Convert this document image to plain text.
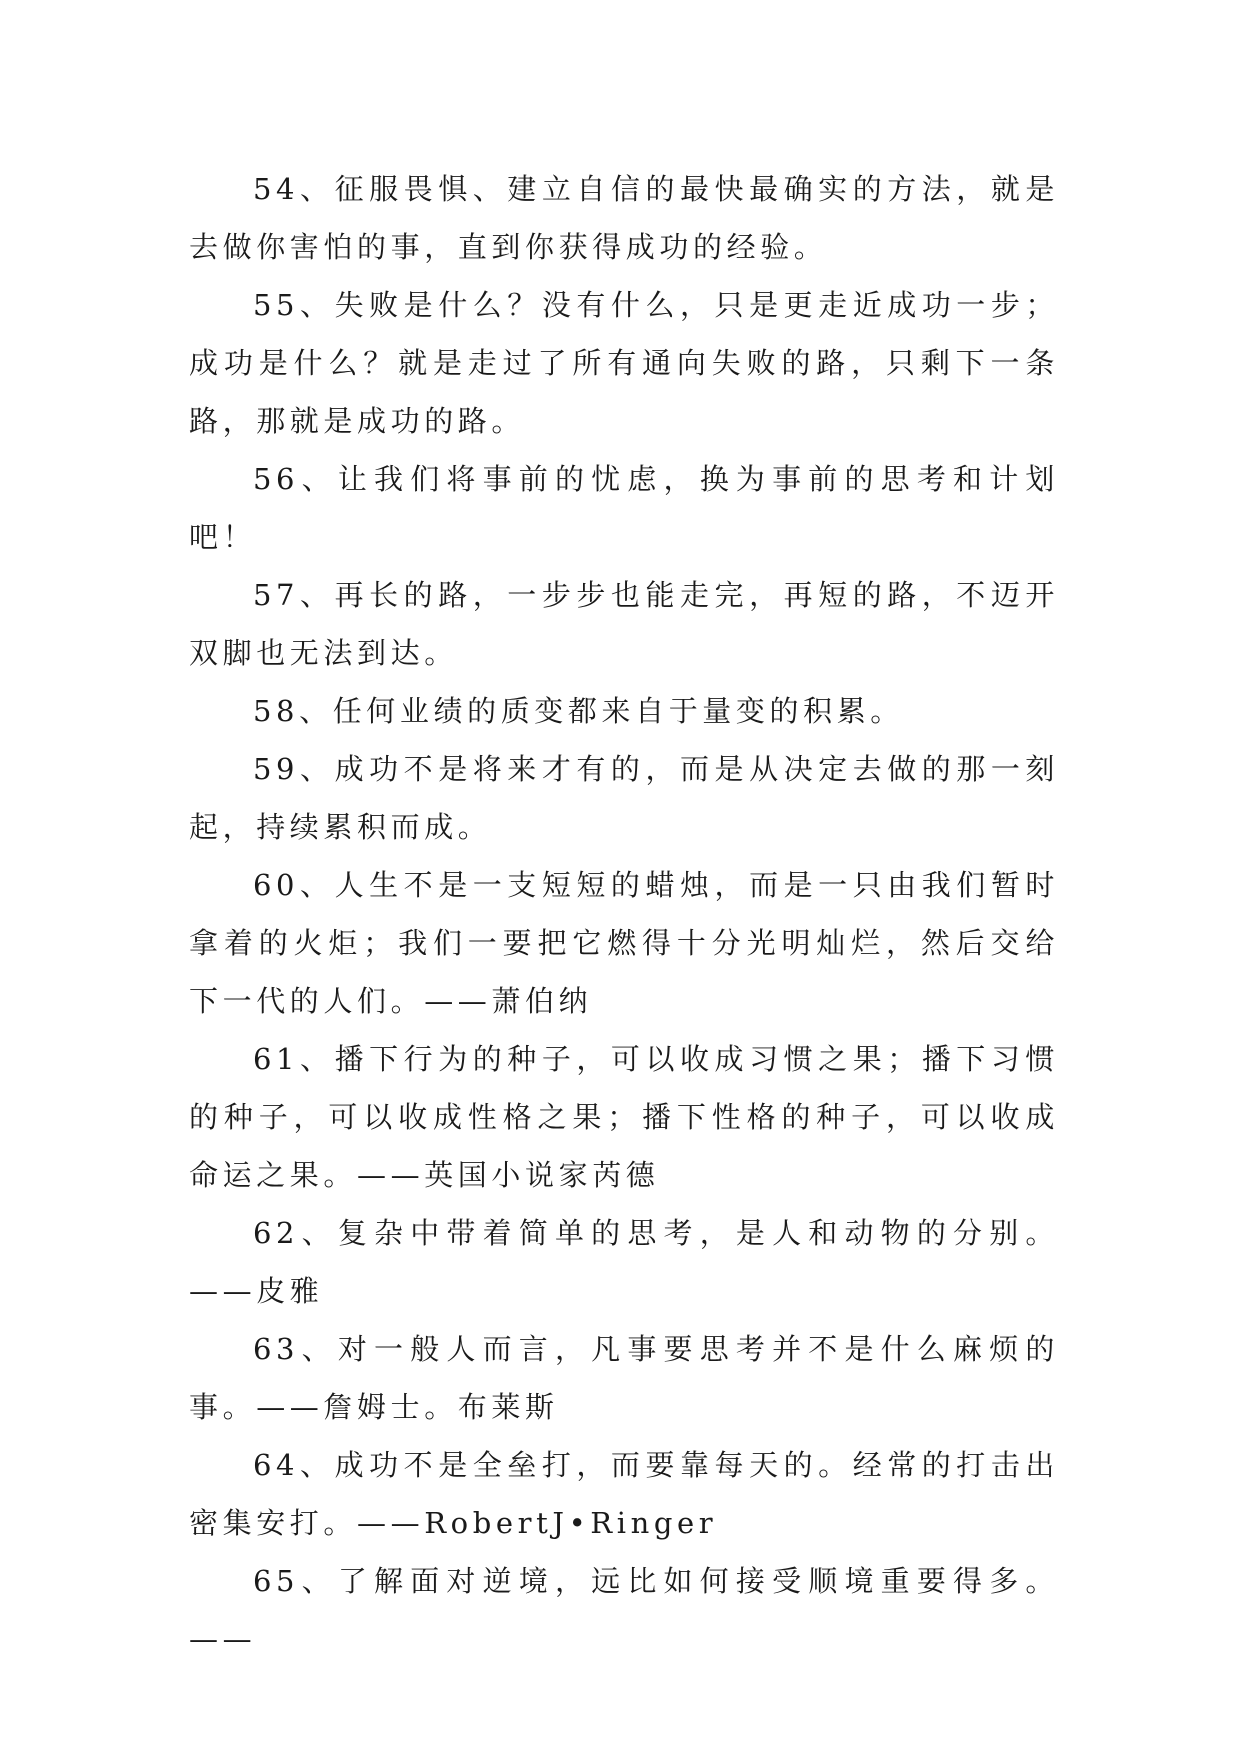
54、征服畏惧、建立自信的最快最确实的方法，就是去做你害怕的事，直到你获得成功的经验。

55、失败是什么？没有什么，只是更走近成功一步；成功是什么？就是走过了所有通向失败的路，只剩下一条路，那就是成功的路。

56、让我们将事前的忧虑，换为事前的思考和计划吧！

57、再长的路，一步步也能走完，再短的路，不迈开双脚也无法到达。

58、任何业绩的质变都来自于量变的积累。

59、成功不是将来才有的，而是从决定去做的那一刻起，持续累积而成。

60、人生不是一支短短的蜡烛，而是一只由我们暂时拿着的火炬；我们一要把它燃得十分光明灿烂，然后交给下一代的人们。——萧伯纳

61、播下行为的种子，可以收成习惯之果；播下习惯的种子，可以收成性格之果；播下性格的种子，可以收成命运之果。——英国小说家芮德

62、复杂中带着简单的思考，是人和动物的分别。——皮雅

63、对一般人而言，凡事要思考并不是什么麻烦的事。——詹姆士。布莱斯

64、成功不是全垒打，而要靠每天的。经常的打击出密集安打。——RobertJ•Ringer

65、了解面对逆境，远比如何接受顺境重要得多。——
